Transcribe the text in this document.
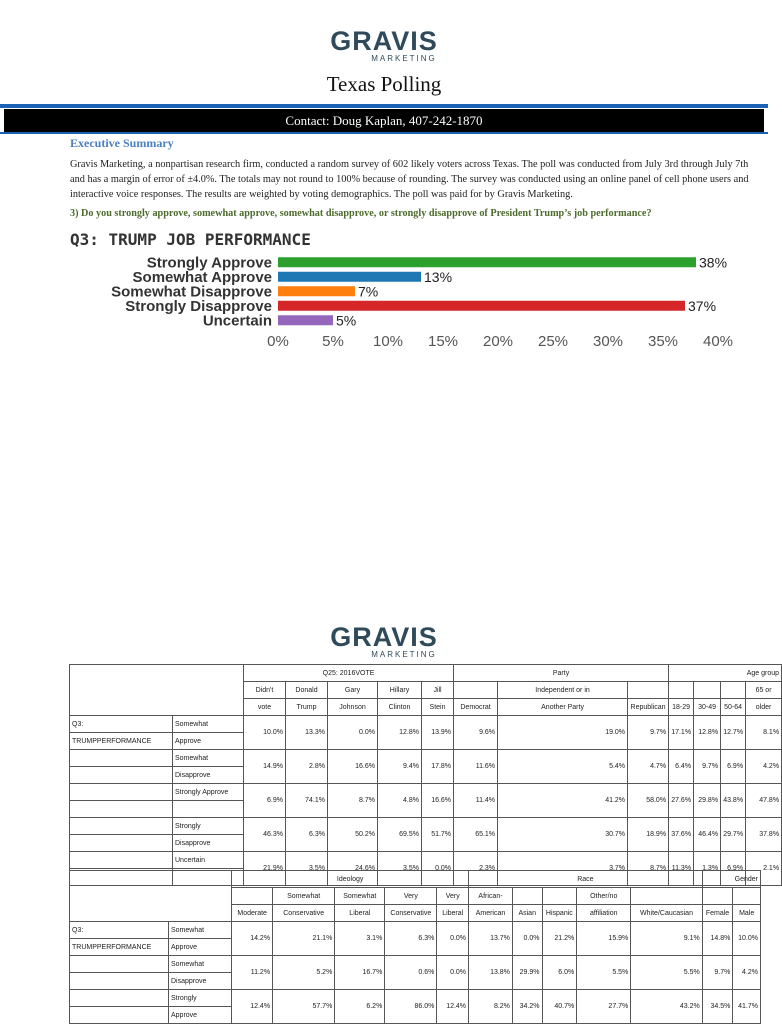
GRAVIS
MARKETING
Texas Polling
Contact: Doug Kaplan, 407-242-1870
Executive Summary
Gravis Marketing, a nonpartisan research firm, conducted a random survey of 602 likely voters across Texas. The poll was conducted from July 3rd through July 7th and has a margin of error of ±4.0%. The totals may not round to 100% because of rounding. The survey was conducted using an online panel of cell phone users and interactive voice responses. The results are weighted by voting demographics. The poll was paid for by Gravis Marketing.
3) Do you strongly approve, somewhat approve, somewhat disapprove, or strongly disapprove of President Trump’s job performance?
Q3: TRUMP JOB PERFORMANCE
Strongly Approve	38%
Somewhat Approve	13%
Somewhat Disapprove	7%
Strongly Disapprove	37%
Uncertain	5%
0% 5% 10% 15% 20% 25% 30% 35% 40%
GRAVIS
MARKETING
		Q25: 2016VOTE					Party			Age group			
		Didn't	Donald	Gary	Hillary	Jill		Independent or in					65 or
		vote	Trump	Johnson	Clinton	Stein	Democrat	Another Party	Republican	18-29	30-49	50-64	older
Q3:	Somewhat	10.0%	13.3%	0.0%	12.8%	13.9%	9.6%	19.0%	9.7%	17.1%	12.8%	12.7%	8.1%
TRUMPPERFORMANCE	Approve												
	Somewhat	14.9%	2.8%	16.6%	9.4%	17.8%	11.6%	5.4%	4.7%	6.4%	9.7%	6.9%	4.2%
	Disapprove												
	Strongly Approve	6.9%	74.1%	8.7%	4.8%	16.6%	11.4%	41.2%	58.0%	27.6%	29.8%	43.8%	47.8%

	Strongly	46.3%	6.3%	50.2%	69.5%	51.7%	65.1%	30.7%	18.9%	37.6%	46.4%	29.7%	37.8%
	Disapprove												
	Uncertain	21.9%	3.5%	24.6%	3.5%	0.0%	2.3%	3.7%	8.7%	11.3%	1.3%	6.9%	2.1%

		Ideology					Race					Gender	
			Somewhat	Somewhat	Very	Very	African-			Other/no			
		Moderate	Conservative	Liberal	Conservative	Liberal	American	Asian	Hispanic	affiliation	White/Caucasian	Female	Male
Q3:	Somewhat	14.2%	21.1%	3.1%	6.3%	0.0%	13.7%	0.0%	21.2%	15.9%	9.1%	14.8%	10.0%
TRUMPPERFORMANCE	Approve												
	Somewhat	11.2%	5.2%	16.7%	0.6%	0.0%	13.8%	29.9%	6.0%	5.5%	5.5%	9.7%	4.2%
	Disapprove												
	Strongly	12.4%	57.7%	6.2%	86.0%	12.4%	8.2%	34.2%	40.7%	27.7%	43.2%	34.5%	41.7%
	Approve												
